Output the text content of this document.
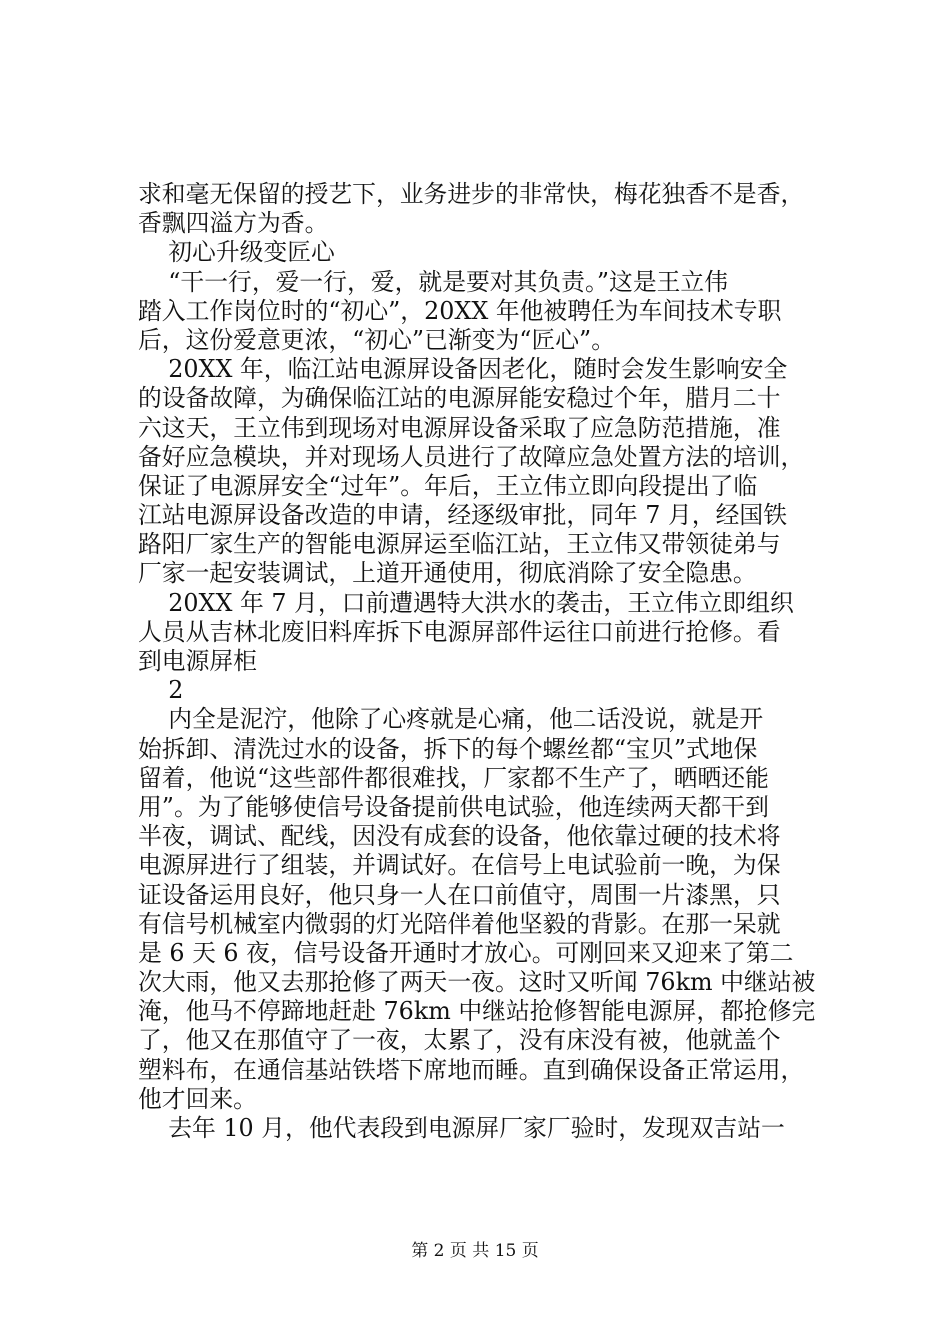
求和毫无保留的授艺下，业务进步的非常快，梅花独香不是香，
香飘四溢方为香。
初心升级变匠心
“干一行，爱一行，爱，就是要对其负责。”这是王立伟
踏入工作岗位时的“初心”，20XX 年他被聘任为车间技术专职
后，这份爱意更浓，“初心”已渐变为“匠心”。
20XX 年，临江站电源屏设备因老化，随时会发生影响安全
的设备故障，为确保临江站的电源屏能安稳过个年，腊月二十
六这天，王立伟到现场对电源屏设备采取了应急防范措施，准
备好应急模块，并对现场人员进行了故障应急处置方法的培训，
保证了电源屏安全“过年”。年后，王立伟立即向段提出了临
江站电源屏设备改造的申请，经逐级审批，同年 7 月，经国铁
路阳厂家生产的智能电源屏运至临江站，王立伟又带领徒弟与
厂家一起安装调试，上道开通使用，彻底消除了安全隐患。
20XX 年 7 月，口前遭遇特大洪水的袭击，王立伟立即组织
人员从吉林北废旧料库拆下电源屏部件运往口前进行抢修。看
到电源屏柜
2
内全是泥泞，他除了心疼就是心痛，他二话没说，就是开
始拆卸、清洗过水的设备，拆下的每个螺丝都“宝贝”式地保
留着，他说“这些部件都很难找，厂家都不生产了，晒晒还能
用”。为了能够使信号设备提前供电试验，他连续两天都干到
半夜，调试、配线，因没有成套的设备，他依靠过硬的技术将
电源屏进行了组装，并调试好。在信号上电试验前一晚，为保
证设备运用良好，他只身一人在口前值守，周围一片漆黑，只
有信号机械室内微弱的灯光陪伴着他坚毅的背影。在那一呆就
是 6 天 6 夜，信号设备开通时才放心。可刚回来又迎来了第二
次大雨，他又去那抢修了两天一夜。这时又听闻 76km 中继站被
淹，他马不停蹄地赶赴 76km 中继站抢修智能电源屏，都抢修完
了，他又在那值守了一夜，太累了，没有床没有被，他就盖个
塑料布，在通信基站铁塔下席地而睡。直到确保设备正常运用，
他才回来。
去年 10 月，他代表段到电源屏厂家厂验时，发现双吉站一
第 2 页 共 15 页
